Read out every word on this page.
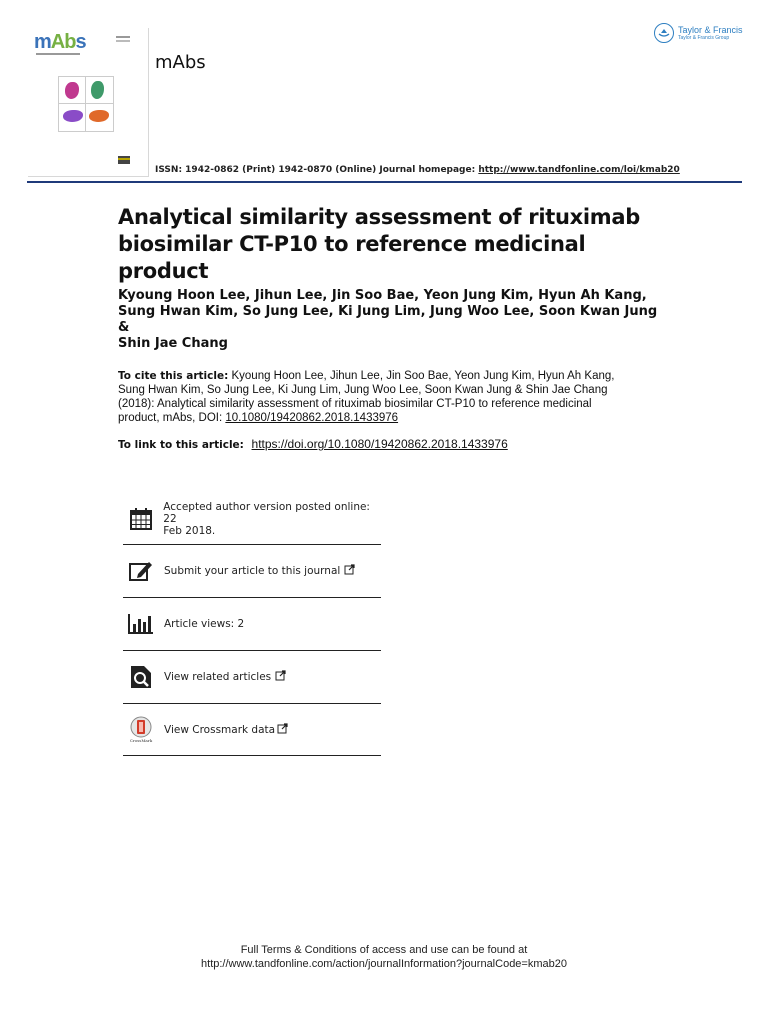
mAbs
mAbs
Taylor & Francis
Taylor & Francis Group
ISSN: 1942-0862 (Print) 1942-0870 (Online) Journal homepage: http://www.tandfonline.com/loi/kmab20
Analytical similarity assessment of rituximab
biosimilar CT-P10 to reference medicinal product
Kyoung Hoon Lee, Jihun Lee, Jin Soo Bae, Yeon Jung Kim, Hyun Ah Kang,
Sung Hwan Kim, So Jung Lee, Ki Jung Lim, Jung Woo Lee, Soon Kwan Jung &
Shin Jae Chang
To cite this article: Kyoung Hoon Lee, Jihun Lee, Jin Soo Bae, Yeon Jung Kim, Hyun Ah Kang,
Sung Hwan Kim, So Jung Lee, Ki Jung Lim, Jung Woo Lee, Soon Kwan Jung & Shin Jae Chang
(2018): Analytical similarity assessment of rituximab biosimilar CT-P10 to reference medicinal
product, mAbs, DOI: 10.1080/19420862.2018.1433976
To link to this article: https://doi.org/10.1080/19420862.2018.1433976
Accepted author version posted online: 22
Feb 2018.
Submit your article to this journal
Article views: 2
View related articles
CrossMark
View Crossmark data
Full Terms & Conditions of access and use can be found at
http://www.tandfonline.com/action/journalInformation?journalCode=kmab20
